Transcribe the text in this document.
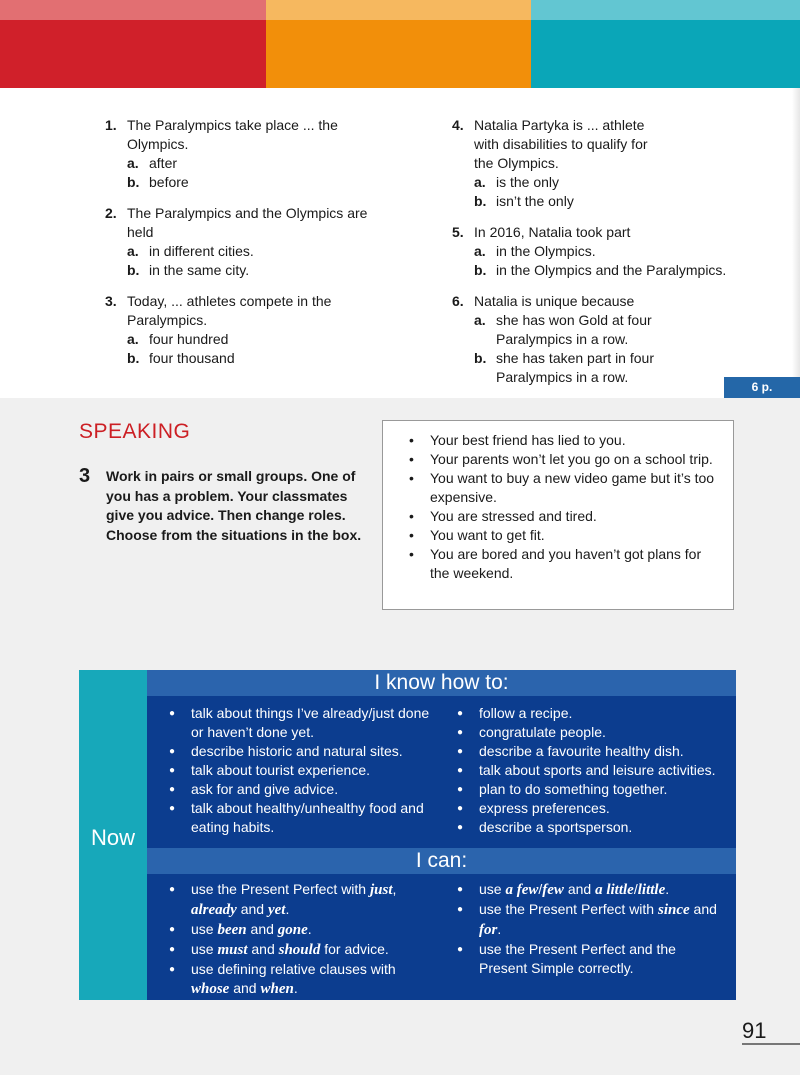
1. The Paralympics take place ... the Olympics.
a. after
b. before
2. The Paralympics and the Olympics are held
a. in different cities.
b. in the same city.
3. Today, ... athletes compete in the Paralympics.
a. four hundred
b. four thousand
4. Natalia Partyka is ... athlete with disabilities to qualify for the Olympics.
a. is the only
b. isn’t the only
5. In 2016, Natalia took part
a. in the Olympics.
b. in the Olympics and the Paralympics.
6. Natalia is unique because
a. she has won Gold at four Paralympics in a row.
b. she has taken part in four Paralympics in a row.
6 p.
SPEAKING
3 Work in pairs or small groups. One of you has a problem. Your classmates give you advice. Then change roles. Choose from the situations in the box.
• Your best friend has lied to you.
• Your parents won’t let you go on a school trip.
• You want to buy a new video game but it’s too expensive.
• You are stressed and tired.
• You want to get fit.
• You are bored and you haven’t got plans for the weekend.
Now
I know how to:
● talk about things I’ve already/just done or haven’t done yet.
● describe historic and natural sites.
● talk about tourist experience.
● ask for and give advice.
● talk about healthy/unhealthy food and eating habits.
● follow a recipe.
● congratulate people.
● describe a favourite healthy dish.
● talk about sports and leisure activities.
● plan to do something together.
● express preferences.
● describe a sportsperson.
I can:
● use the Present Perfect with just, already and yet.
● use been and gone.
● use must and should for advice.
● use defining relative clauses with whose and when.
● use a few/few and a little/little.
● use the Present Perfect with since and for.
● use the Present Perfect and the Present Simple correctly.
91
